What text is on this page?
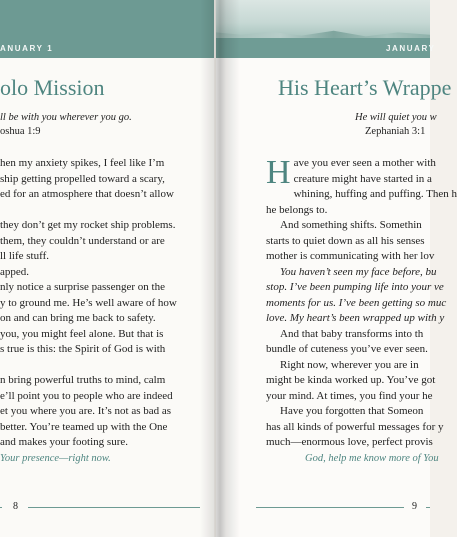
ANUARY 1
olo Mission
ll be with you wherever you go.
oshua 1:9

hen my anxiety spikes, I feel like I’m

ship getting propelled toward a scary,

ed for an atmosphere that doesn’t allow

they don’t get my rocket ship problems.

them, they couldn’t understand or are

ll life stuff.

apped.

nly notice a surprise passenger on the

y to ground me. He’s well aware of how

on and can bring me back to safety.

you, you might feel alone. But that is

s true is this: the Spirit of God is with

n bring powerful truths to mind, calm

e’ll point you to people who are indeed

et you where you are. It’s not as bad as

better. You’re teamed up with the One

and makes your footing sure.

Your presence—right now.
8
JANUARY
His Heart’s Wrappe
He will quiet you w
Zephaniah 3:1
H ave you ever seen a mother with

creature might have started in a

whining, huffing and puffing. Then h

he belongs to.

And something shifts. Somethin

starts to quiet down as all his senses

mother is communicating with her lov

You haven’t seen my face before, bu

stop. I’ve been pumping life into your ve

moments for us. I’ve been getting so muc

love. My heart’s been wrapped up with y

And that baby transforms into th

bundle of cuteness you’ve ever seen.

Right now, wherever you are in

might be kinda worked up. You’ve got

your mind. At times, you find your he

Have you forgotten that Someon

has all kinds of powerful messages for y

much—enormous love, perfect provis

God, help me know more of You
9
